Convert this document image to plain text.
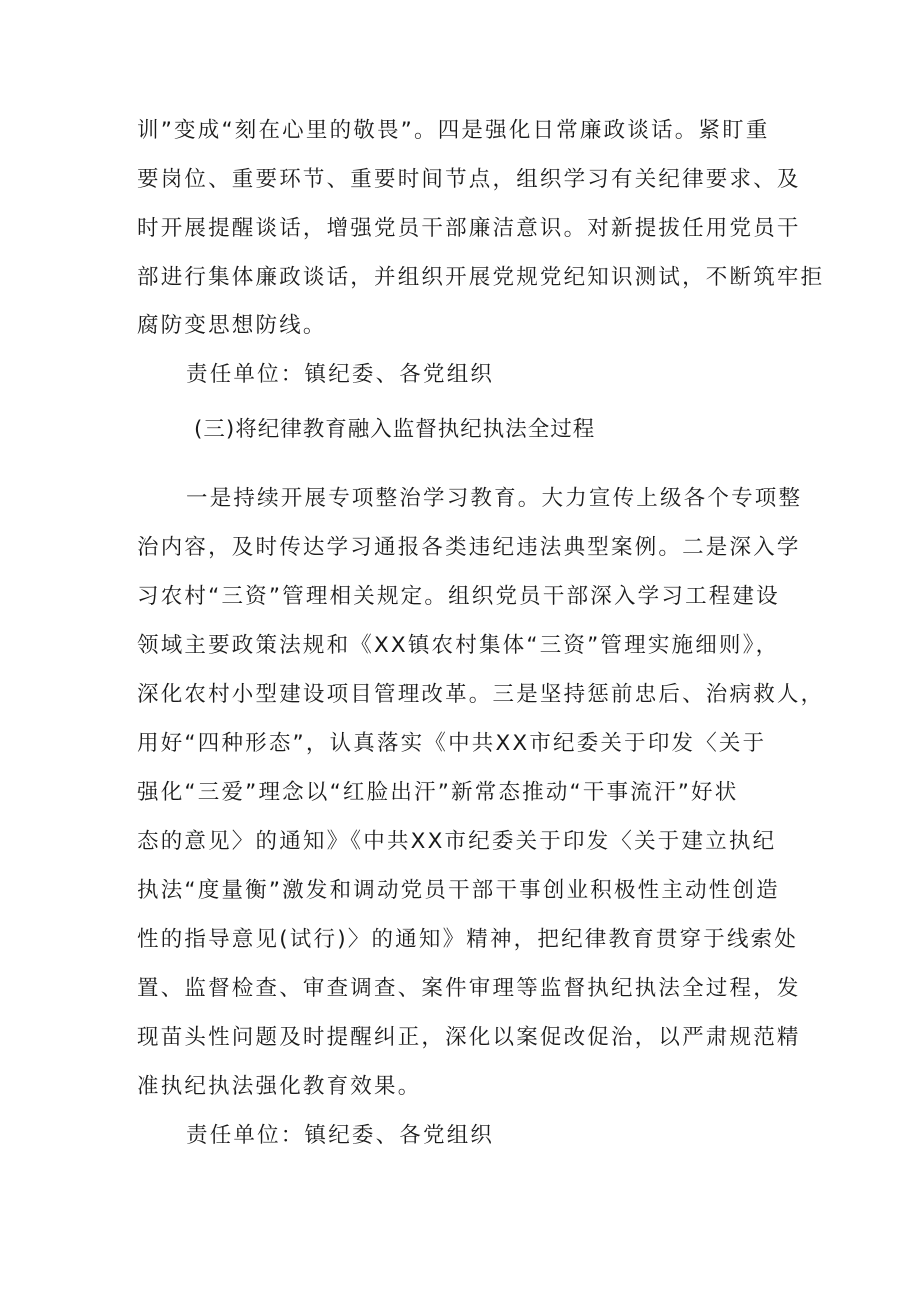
训”变成“刻在心里的敬畏”。四是强化日常廉政谈话。紧盯重

要岗位、重要环节、重要时间节点，组织学习有关纪律要求、及

时开展提醒谈话，增强党员干部廉洁意识。对新提拔任用党员干

部进行集体廉政谈话，并组织开展党规党纪知识测试，不断筑牢拒

腐防变思想防线。

责任单位：镇纪委、各党组织

(三)将纪律教育融入监督执纪执法全过程

一是持续开展专项整治学习教育。大力宣传上级各个专项整

治内容，及时传达学习通报各类违纪违法典型案例。二是深入学

习农村“三资”管理相关规定。组织党员干部深入学习工程建设

领域主要政策法规和《XX镇农村集体“三资”管理实施细则》，

深化农村小型建设项目管理改革。三是坚持惩前忠后、治病救人，

用好“四种形态”，认真落实《中共XX市纪委关于印发〈关于

强化“三爱”理念以“红脸出汗”新常态推动“干事流汗”好状

态的意见〉的通知》《中共XX市纪委关于印发〈关于建立执纪

执法“度量衡”激发和调动党员干部干事创业积极性主动性创造

性的指导意见(试行)〉的通知》精神，把纪律教育贯穿于线索处

置、监督检查、审查调查、案件审理等监督执纪执法全过程，发

现苗头性问题及时提醒纠正，深化以案促改促治，以严肃规范精

准执纪执法强化教育效果。

责任单位：镇纪委、各党组织
